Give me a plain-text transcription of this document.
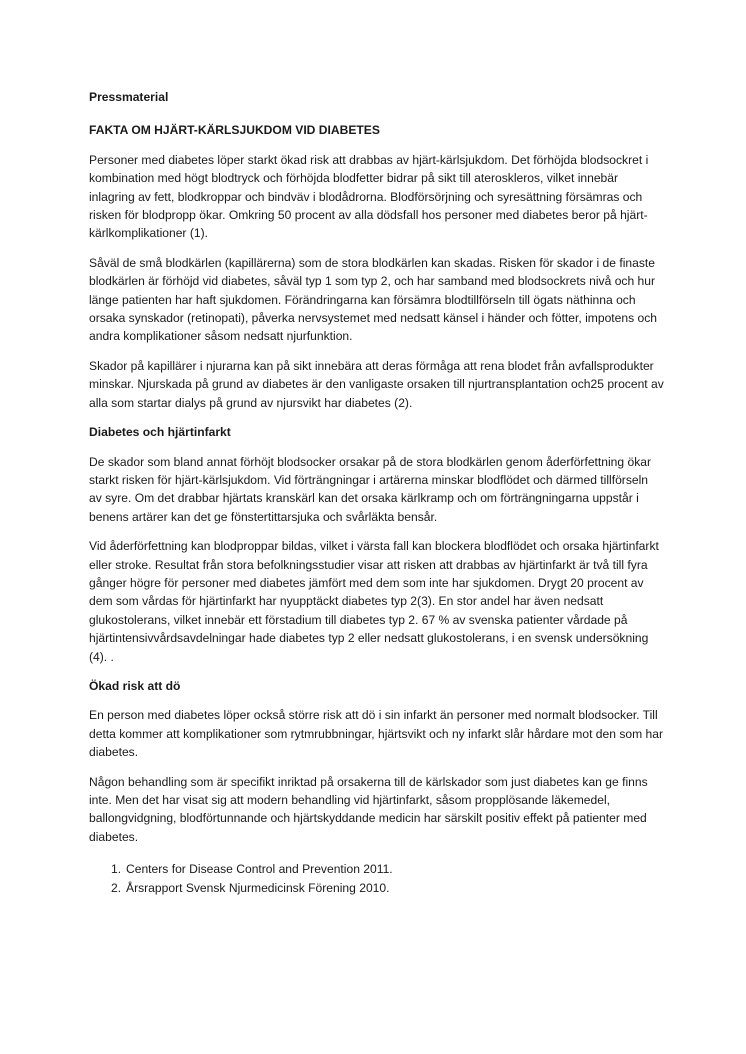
Pressmaterial

FAKTA OM HJÄRT-KÄRLSJUKDOM VID DIABETES

Personer med diabetes löper starkt ökad risk att drabbas av hjärt-kärlsjukdom. Det förhöjda blodsockret i kombination med högt blodtryck och förhöjda blodfetter bidrar på sikt till ateroskleros, vilket innebär inlagring av fett, blodkroppar och bindväv i blodådrorna. Blodförsörjning och syresättning försämras och risken för blodpropp ökar. Omkring 50 procent av alla dödsfall hos personer med diabetes beror på hjärt-kärlkomplikationer (1).

Såväl de små blodkärlen (kapillärerna) som de stora blodkärlen kan skadas. Risken för skador i de finaste blodkärlen är förhöjd vid diabetes, såväl typ 1 som typ 2, och har samband med blodsockrets nivå och hur länge patienten har haft sjukdomen. Förändringarna kan försämra blodtillförseln till ögats näthinna och orsaka synskador (retinopati), påverka nervsystemet med nedsatt känsel i händer och fötter, impotens och andra komplikationer såsom nedsatt njurfunktion.

Skador på kapillärer i njurarna kan på sikt innebära att deras förmåga att rena blodet från avfallsprodukter minskar. Njurskada på grund av diabetes är den vanligaste orsaken till njurtransplantation och25 procent av alla som startar dialys på grund av njursvikt har diabetes (2).

Diabetes och hjärtinfarkt

De skador som bland annat förhöjt blodsocker orsakar på de stora blodkärlen genom åderförfettning ökar starkt risken för hjärt-kärlsjukdom. Vid förträngningar i artärerna minskar blodflödet och därmed tillförseln av syre. Om det drabbar hjärtats kranskärl kan det orsaka kärlkramp och om förträngningarna uppstår i benens artärer kan det ge fönstertittarsjuka och svårläkta bensår.

Vid åderförfettning kan blodproppar bildas, vilket i värsta fall kan blockera blodflödet och orsaka hjärtinfarkt eller stroke. Resultat från stora befolkningsstudier visar att risken att drabbas av hjärtinfarkt är två till fyra gånger högre för personer med diabetes jämfört med dem som inte har sjukdomen. Drygt 20 procent av dem som vårdas för hjärtinfarkt har nyupptäckt diabetes typ 2(3). En stor andel har även nedsatt glukostolerans, vilket innebär ett förstadium till diabetes typ 2. 67 % av svenska patienter vårdade på hjärtintensivvårdsavdelningar hade diabetes typ 2 eller nedsatt glukostolerans, i en svensk undersökning (4). .

Ökad risk att dö

En person med diabetes löper också större risk att dö i sin infarkt än personer med normalt blodsocker. Till detta kommer att komplikationer som rytmrubbningar, hjärtsvikt och ny infarkt slår hårdare mot den som har diabetes.

Någon behandling som är specifikt inriktad på orsakerna till de kärlskador som just diabetes kan ge finns inte. Men det har visat sig att modern behandling vid hjärtinfarkt, såsom propplösande läkemedel, ballongvidgning, blodförtunnande och hjärtskyddande medicin har särskilt positiv effekt på patienter med diabetes.

1. Centers for Disease Control and Prevention 2011.
2. Årsrapport Svensk Njurmedicinsk Förening 2010.
